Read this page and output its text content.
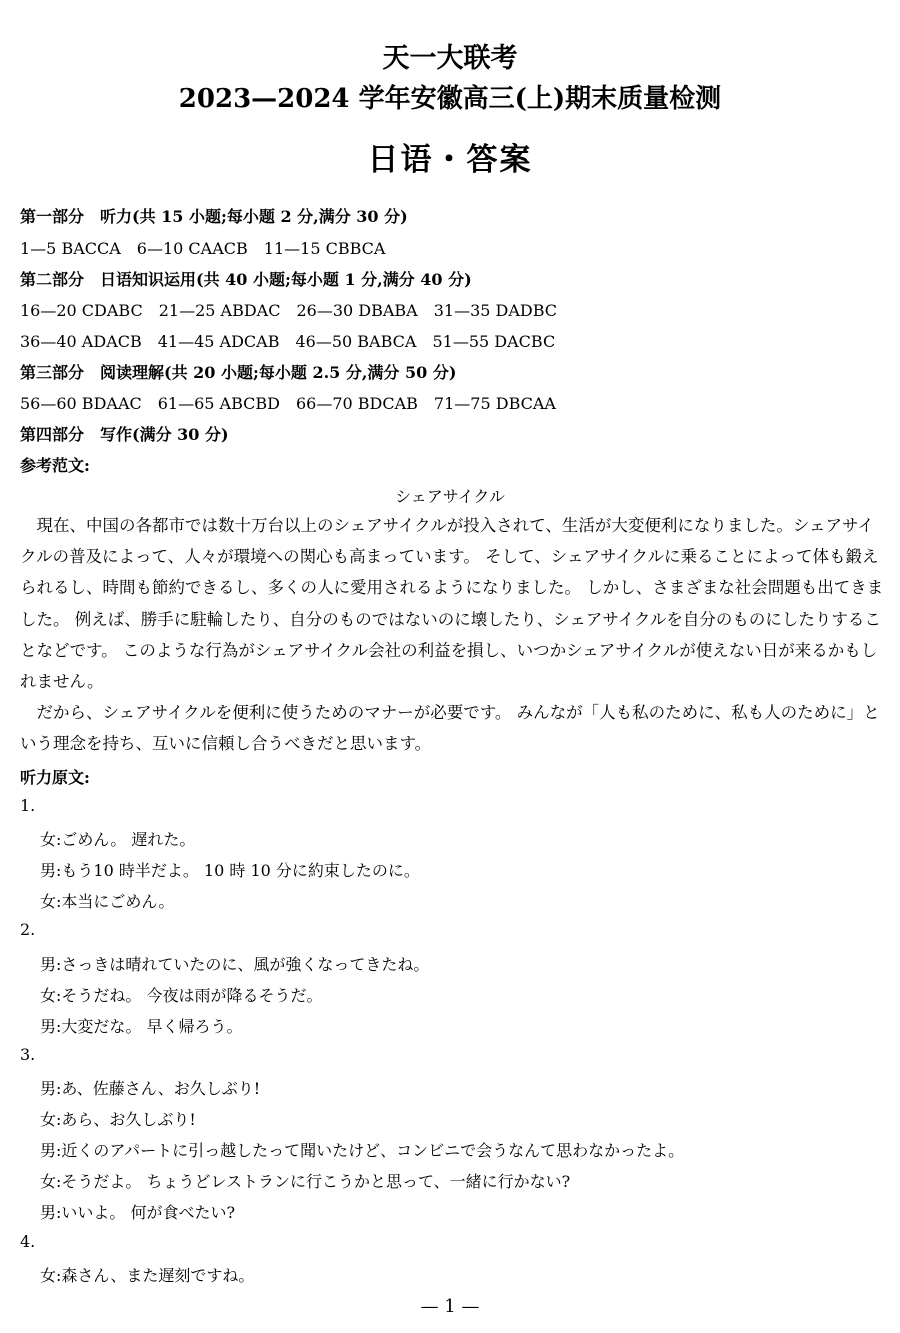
天一大联考
2023—2024 学年安徽高三(上)期末质量检测
日语・答案
第一部分　听力(共 15 小题;每小题 2 分,满分 30 分)
1—5 BACCA　6—10 CAACB　11—15 CBBCA
第二部分　日语知识运用(共 40 小题;每小题 1 分,满分 40 分)
16—20 CDABC　21—25 ABDAC　26—30 DBABA　31—35 DADBC
36—40 ADACB　41—45 ADCAB　46—50 BABCA　51—55 DACBC
第三部分　阅读理解(共 20 小题;每小题 2.5 分,满分 50 分)
56—60 BDAAC　61—65 ABCBD　66—70 BDCAB　71—75 DBCAA
第四部分　写作(满分 30 分)
参考范文:
シェアサイクル

現在、中国の各都市では数十万台以上のシェアサイクルが投入されて、生活が大変便利になりました。シェアサイクルの普及によって、人々が環境への関心も高まっています。 そして、シェアサイクルに乗ることによって体も鍛えられるし、時間も節約できるし、多くの人に愛用されるようになりました。 しかし、さまざまな社会問題も出てきました。 例えば、勝手に駐輪したり、自分のものではないのに壊したり、シェアサイクルを自分のものにしたりすることなどです。 このような行為がシェアサイクル会社の利益を損し、いつかシェアサイクルが使えない日が来るかもしれません。

だから、シェアサイクルを便利に使うためのマナーが必要です。 みんなが「人も私のために、私も人のために」という理念を持ち、互いに信頼し合うべきだと思います。

听力原文:
1.
女:ごめん。 遅れた。
男:もう10 時半だよ。 10 時 10 分に約束したのに。
女:本当にごめん。
2.
男:さっきは晴れていたのに、風が強くなってきたね。
女:そうだね。 今夜は雨が降るそうだ。
男:大変だな。 早く帰ろう。
3.
男:あ、佐藤さん、お久しぶり!
女:あら、お久しぶり!
男:近くのアパートに引っ越したって聞いたけど、コンビニで会うなんて思わなかったよ。
女:そうだよ。 ちょうどレストランに行こうかと思って、一緒に行かない?
男:いいよ。 何が食べたい?
4.
女:森さん、また遅刻ですね。
— 1 —
